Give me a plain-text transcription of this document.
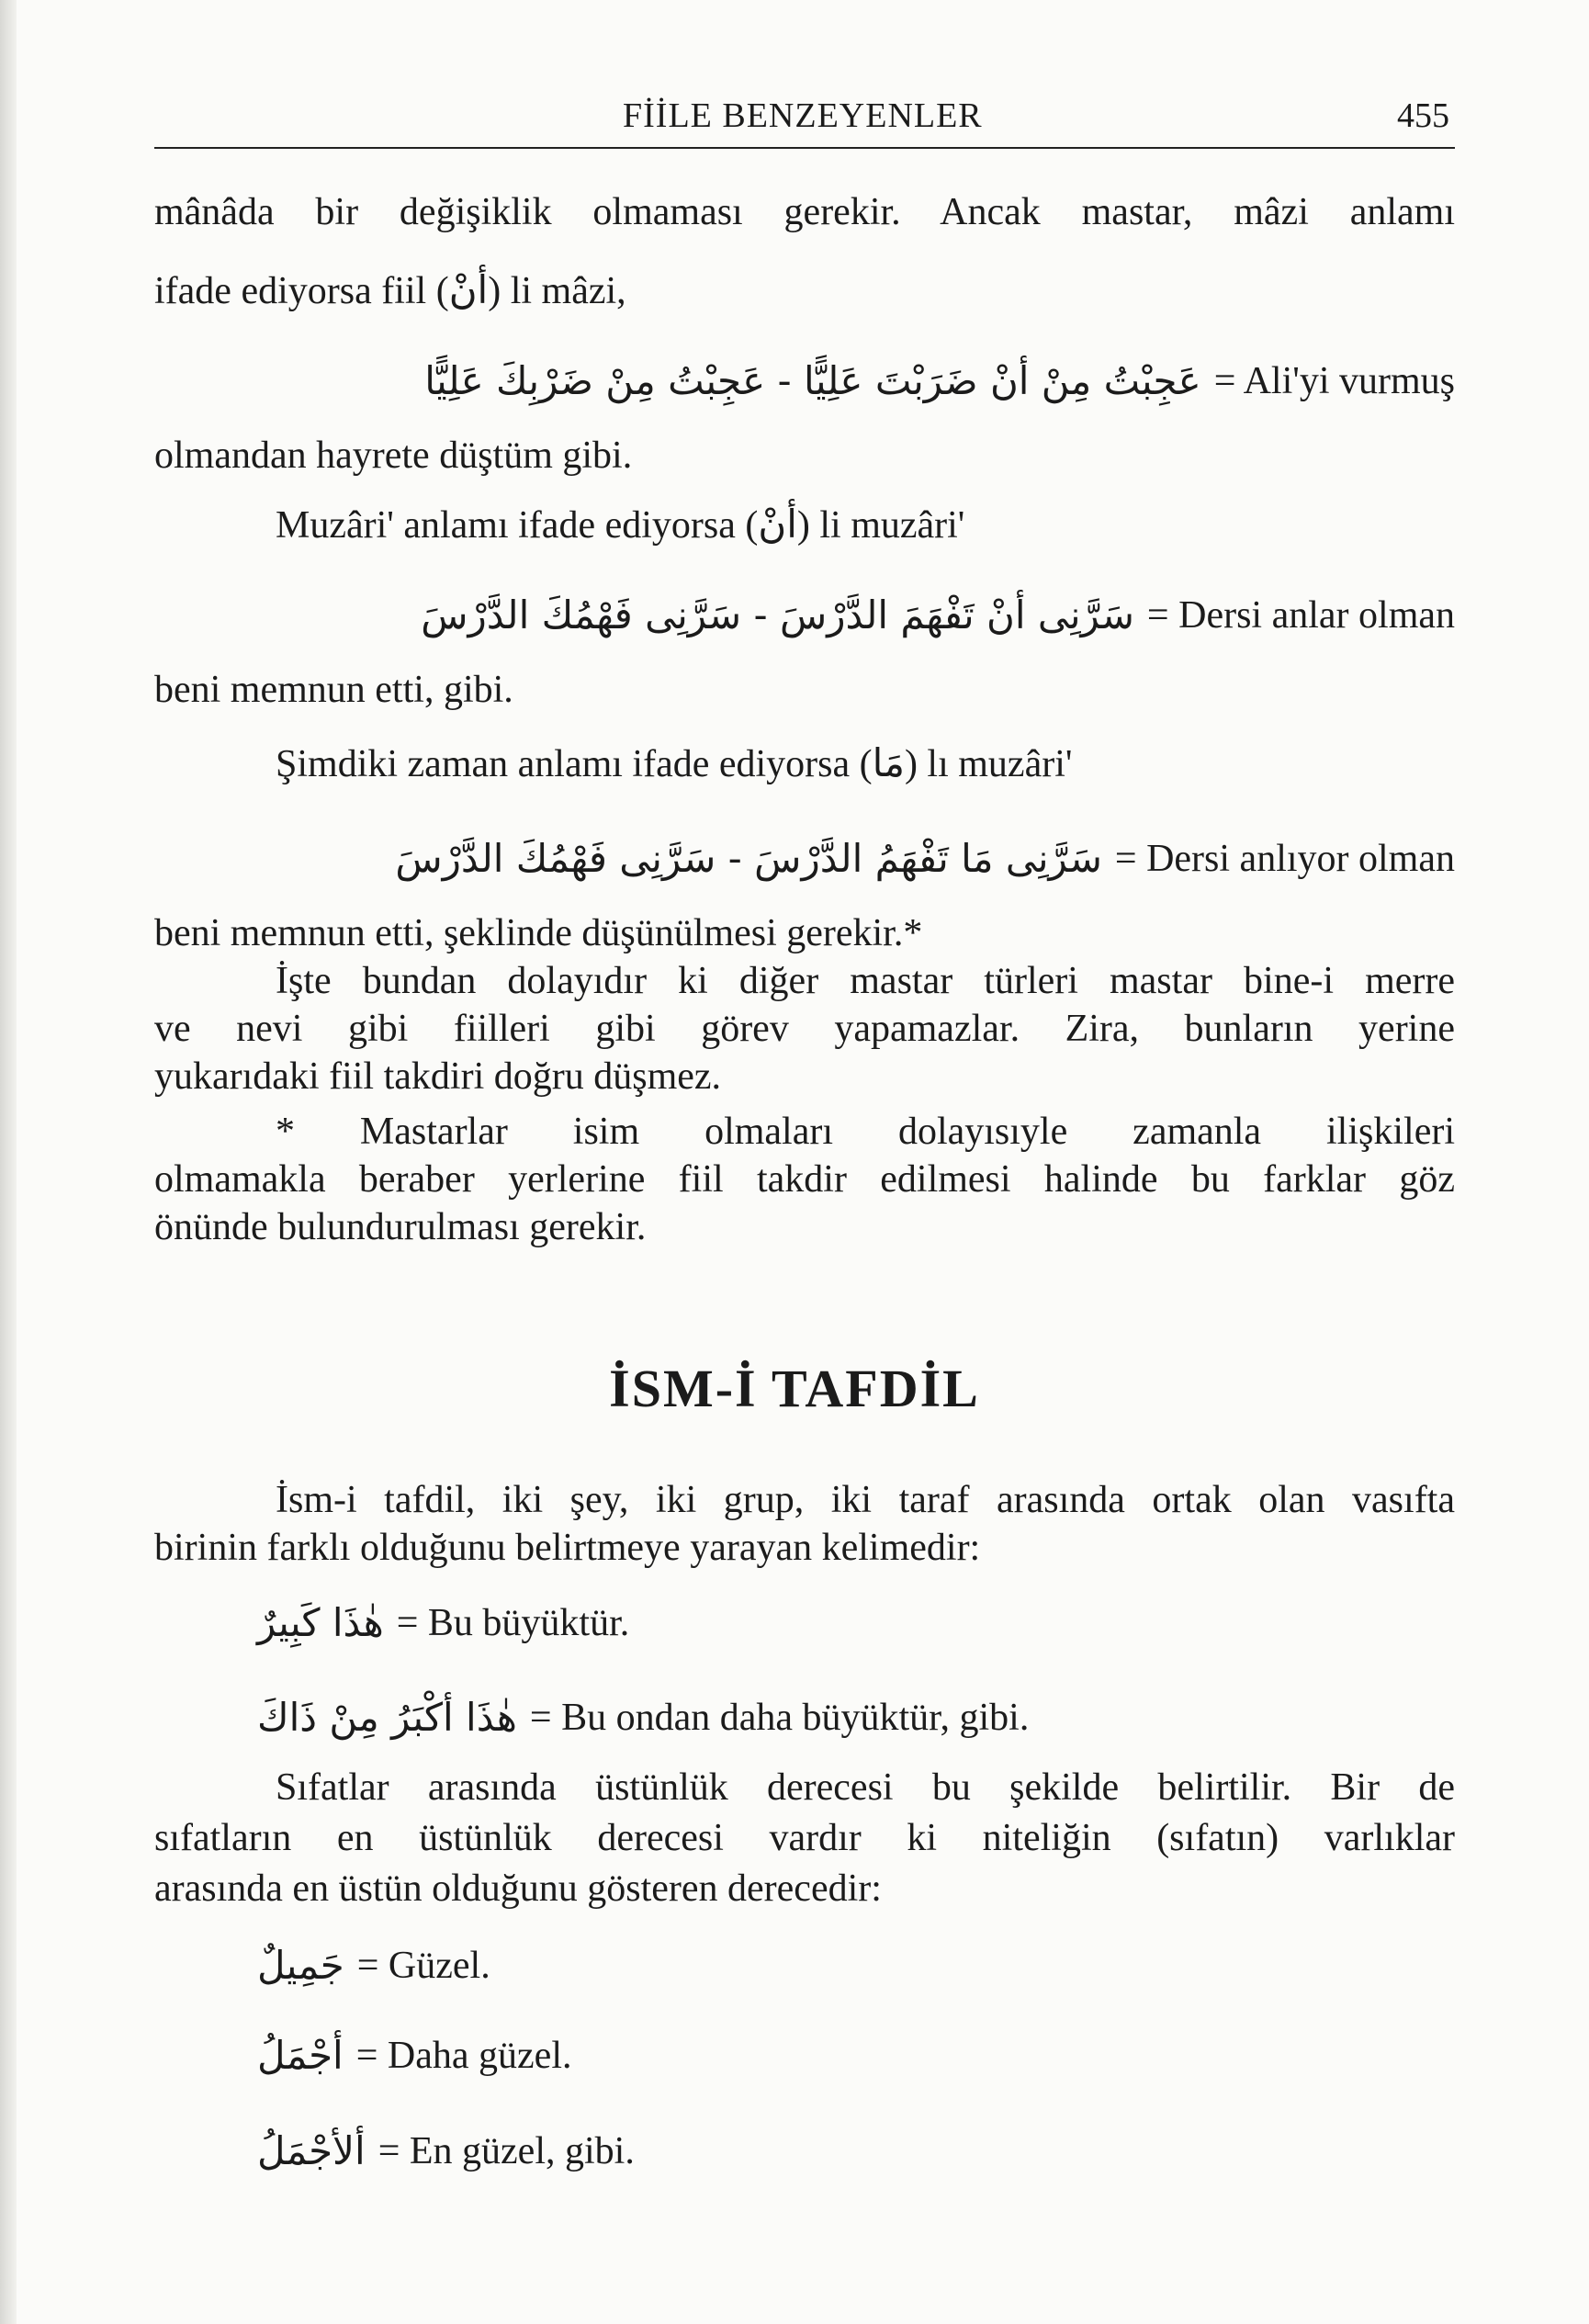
FİİLE BENZEYENLER	455
mânâda bir değişiklik olmaması gerekir. Ancak mastar, mâzi anlamı
ifade ediyorsa fiil (أنْ) li mâzi,
عَجِبْتُ مِنْ أنْ ضَرَبْتَ عَلِيًّا - عَجِبْتُ مِنْ ضَرْبِكَ عَلِيًّا = Ali'yi vurmuş
olmandan hayrete düştüm gibi.
Muzâri' anlamı ifade ediyorsa (أنْ) li muzâri'
سَرَّنِى أنْ تَفْهَمَ الدَّرْسَ - سَرَّنِى فَهْمُكَ الدَّرْسَ = Dersi anlar olman
beni memnun etti, gibi.
Şimdiki zaman anlamı ifade ediyorsa (مَا) lı muzâri'
سَرَّنِى مَا تَفْهَمُ الدَّرْسَ - سَرَّنِى فَهْمُكَ الدَّرْسَ = Dersi anlıyor olman
beni memnun etti, şeklinde düşünülmesi gerekir.*
İşte bundan dolayıdır ki diğer mastar türleri mastar bine-i merre
ve nevi gibi fiilleri gibi görev yapamazlar. Zira, bunların yerine
yukarıdaki fiil takdiri doğru düşmez.
* Mastarlar isim olmaları dolayısıyle zamanla ilişkileri
olmamakla beraber yerlerine fiil takdir edilmesi halinde bu farklar göz
önünde bulundurulması gerekir.
İSM-İ TAFDİL
İsm-i tafdil, iki şey, iki grup, iki taraf arasında ortak olan vasıfta
birinin farklı olduğunu belirtmeye yarayan kelimedir:
هٰذَا كَبِيرٌ = Bu büyüktür.
هٰذَا أكْبَرُ مِنْ ذَاكَ = Bu ondan daha büyüktür, gibi.
Sıfatlar arasında üstünlük derecesi bu şekilde belirtilir. Bir de
sıfatların en üstünlük derecesi vardır ki niteliğin (sıfatın) varlıklar
arasında en üstün olduğunu gösteren derecedir:
جَمِيلٌ = Güzel.
أجْمَلُ = Daha güzel.
ألأجْمَلُ = En güzel, gibi.
